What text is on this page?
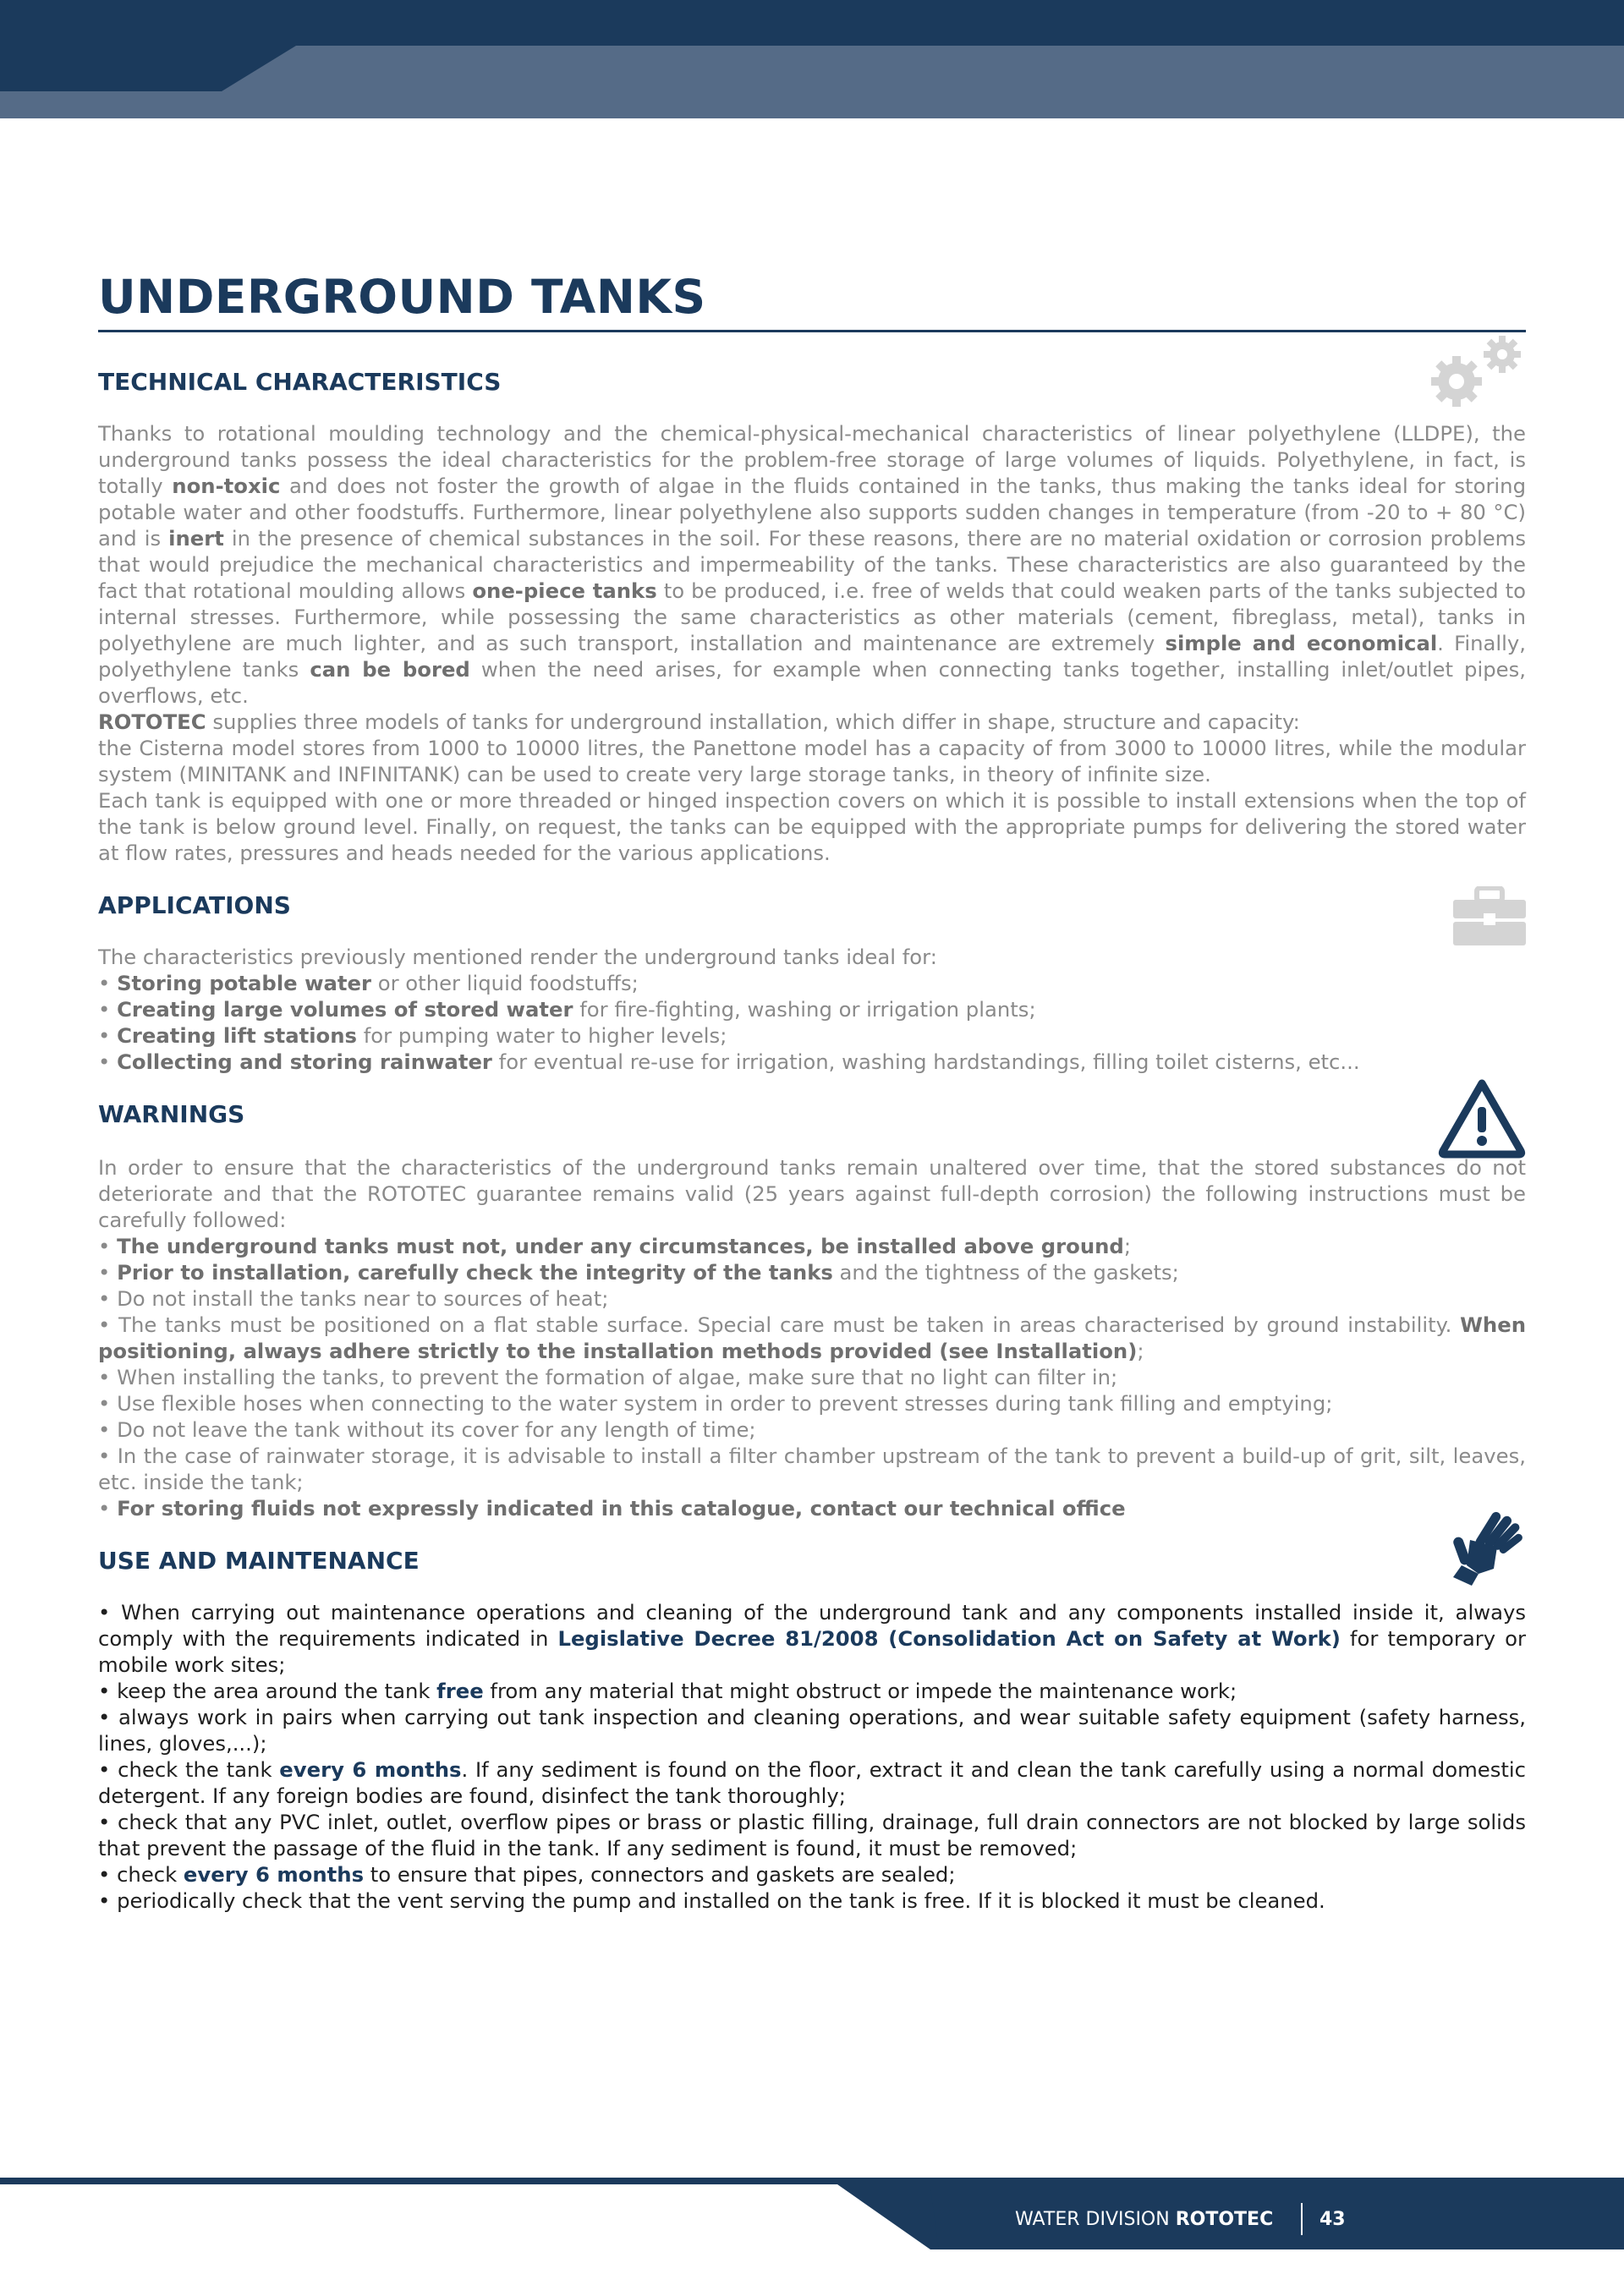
UNDERGROUND TANKS
TECHNICAL CHARACTERISTICS

Thanks to rotational moulding technology and the chemical-physical-mechanical characteristics of linear polyethylene (LLDPE), the underground tanks possess the ideal characteristics for the problem-free storage of large volumes of liquids. Polyethylene, in fact, is totally non-toxic and does not foster the growth of algae in the fluids contained in the tanks, thus making the tanks ideal for storing potable water and other foodstuffs. Furthermore, linear polyethylene also supports sudden changes in temperature (from -20 to + 80 °C) and is inert in the presence of chemical substances in the soil. For these reasons, there are no material oxidation or corrosion problems that would prejudice the mechanical characteristics and impermeability of the tanks. These characteristics are also guaranteed by the fact that rotational moulding allows one-piece tanks to be produced, i.e. free of welds that could weaken parts of the tanks subjected to internal stresses. Furthermore, while possessing the same characteristics as other materials (cement, fibreglass, metal), tanks in polyethylene are much lighter, and as such transport, installation and maintenance are extremely simple and economical. Finally, polyethylene tanks can be bored when the need arises, for example when connecting tanks together, installing inlet/outlet pipes, overflows, etc.

ROTOTEC supplies three models of tanks for underground installation, which differ in shape, structure and capacity:

the Cisterna model stores from 1000 to 10000 litres, the Panettone model has a capacity of from 3000 to 10000 litres, while the modular system (MINITANK and INFINITANK) can be used to create very large storage tanks, in theory of infinite size.

Each tank is equipped with one or more threaded or hinged inspection covers on which it is possible to install extensions when the top of the tank is below ground level. Finally, on request, the tanks can be equipped with the appropriate pumps for delivering the stored water at flow rates, pressures and heads needed for the various applications.

APPLICATIONS

The characteristics previously mentioned render the underground tanks ideal for:

• Storing potable water or other liquid foodstuffs;
• Creating large volumes of stored water for fire-fighting, washing or irrigation plants;
• Creating lift stations for pumping water to higher levels;
• Collecting and storing rainwater for eventual re-use for irrigation, washing hardstandings, filling toilet cisterns, etc...
WARNINGS

In order to ensure that the characteristics of the underground tanks remain unaltered over time, that the stored substances do not deteriorate and that the ROTOTEC guarantee remains valid (25 years against full-depth corrosion) the following instructions must be carefully followed:

• The underground tanks must not, under any circumstances, be installed above ground;
• Prior to installation, carefully check the integrity of the tanks and the tightness of the gaskets;
• Do not install the tanks near to sources of heat;
• The tanks must be positioned on a flat stable surface. Special care must be taken in areas characterised by ground instability. When positioning, always adhere strictly to the installation methods provided (see Installation);
• When installing the tanks, to prevent the formation of algae, make sure that no light can filter in;
• Use flexible hoses when connecting to the water system in order to prevent stresses during tank filling and emptying;
• Do not leave the tank without its cover for any length of time;
• In the case of rainwater storage, it is advisable to install a filter chamber upstream of the tank to prevent a build-up of grit, silt, leaves, etc. inside the tank;
• For storing fluids not expressly indicated in this catalogue, contact our technical office
USE AND MAINTENANCE
• When carrying out maintenance operations and cleaning of the underground tank and any components installed inside it, always comply with the requirements indicated in Legislative Decree 81/2008 (Consolidation Act on Safety at Work) for temporary or mobile work sites;
• keep the area around the tank free from any material that might obstruct or impede the maintenance work;
• always work in pairs when carrying out tank inspection and cleaning operations, and wear suitable safety equipment (safety harness, lines, gloves,...);
• check the tank every 6 months. If any sediment is found on the floor, extract it and clean the tank carefully using a normal domestic detergent. If any foreign bodies are found, disinfect the tank thoroughly;
• check that any PVC inlet, outlet, overflow pipes or brass or plastic filling, drainage, full drain connectors are not blocked by large solids that prevent the passage of the fluid in the tank. If any sediment is found, it must be removed;
• check every 6 months to ensure that pipes, connectors and gaskets are sealed;
• periodically check that the vent serving the pump and installed on the tank is free. If it is blocked it must be cleaned.
WATER DIVISION ROTOTEC 43
